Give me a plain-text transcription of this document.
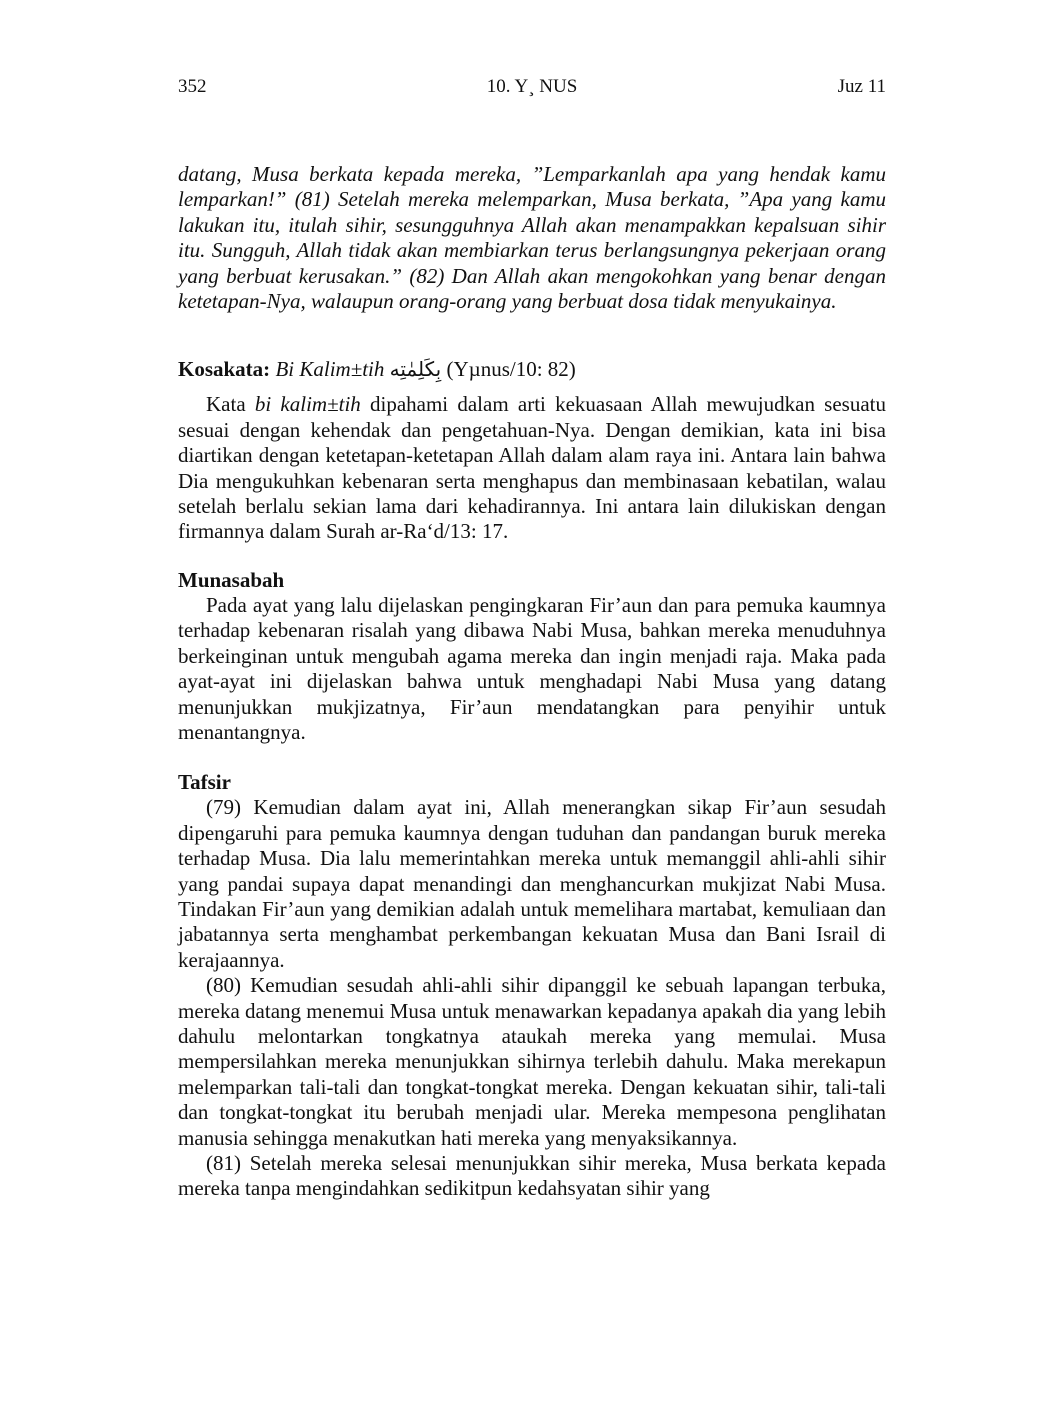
352	10. Y¸ NUS	Juz 11

datang, Musa berkata kepada mereka, ”Lemparkanlah apa yang hendak kamu lemparkan!” (81) Setelah mereka melemparkan, Musa berkata, ”Apa yang kamu lakukan itu, itulah sihir, sesungguhnya Allah akan menampakkan kepalsuan sihir itu. Sungguh, Allah tidak akan membiarkan terus berlangsungnya pekerjaan orang yang berbuat kerusakan.” (82) Dan Allah akan mengokohkan yang benar dengan ketetapan-Nya, walaupun orang-orang yang berbuat dosa tidak menyukainya.

Kosakata: Bi Kalim±tih بِكَلِمٰتِه (Yµnus/10: 82)

Kata bi kalim±tih dipahami dalam arti kekuasaan Allah mewujudkan sesuatu sesuai dengan kehendak dan pengetahuan-Nya. Dengan demikian, kata ini bisa diartikan dengan ketetapan-ketetapan Allah dalam alam raya ini. Antara lain bahwa Dia mengukuhkan kebenaran serta menghapus dan membinasaan kebatilan, walau setelah berlalu sekian lama dari kehadirannya. Ini antara lain dilukiskan dengan firmannya dalam Surah ar-Ra‘d/13: 17.

Munasabah

Pada ayat yang lalu dijelaskan pengingkaran Fir’aun dan para pemuka kaumnya terhadap kebenaran risalah yang dibawa Nabi Musa, bahkan mereka menuduhnya berkeinginan untuk mengubah agama mereka dan ingin menjadi raja. Maka pada ayat-ayat ini dijelaskan bahwa untuk menghadapi Nabi Musa yang datang menunjukkan mukjizatnya, Fir’aun mendatangkan para penyihir untuk menantangnya.

Tafsir

(79) Kemudian dalam ayat ini, Allah menerangkan sikap Fir’aun sesudah dipengaruhi para pemuka kaumnya dengan tuduhan dan pandangan buruk mereka terhadap Musa. Dia lalu memerintahkan mereka untuk memanggil ahli-ahli sihir yang pandai supaya dapat menandingi dan menghancurkan mukjizat Nabi Musa. Tindakan Fir’aun yang demikian adalah untuk memelihara martabat, kemuliaan dan jabatannya serta menghambat perkembangan kekuatan Musa dan Bani Israil di kerajaannya.

(80) Kemudian sesudah ahli-ahli sihir dipanggil ke sebuah lapangan terbuka, mereka datang menemui Musa untuk menawarkan kepadanya apakah dia yang lebih dahulu melontarkan tongkatnya ataukah mereka yang memulai. Musa mempersilahkan mereka menunjukkan sihirnya terlebih dahulu. Maka merekapun melemparkan tali-tali dan tongkat-tongkat mereka. Dengan kekuatan sihir, tali-tali dan tongkat-tongkat itu berubah menjadi ular. Mereka mempesona penglihatan manusia sehingga menakutkan hati mereka yang menyaksikannya.

(81) Setelah mereka selesai menunjukkan sihir mereka, Musa berkata kepada mereka tanpa mengindahkan sedikitpun kedahsyatan sihir yang
